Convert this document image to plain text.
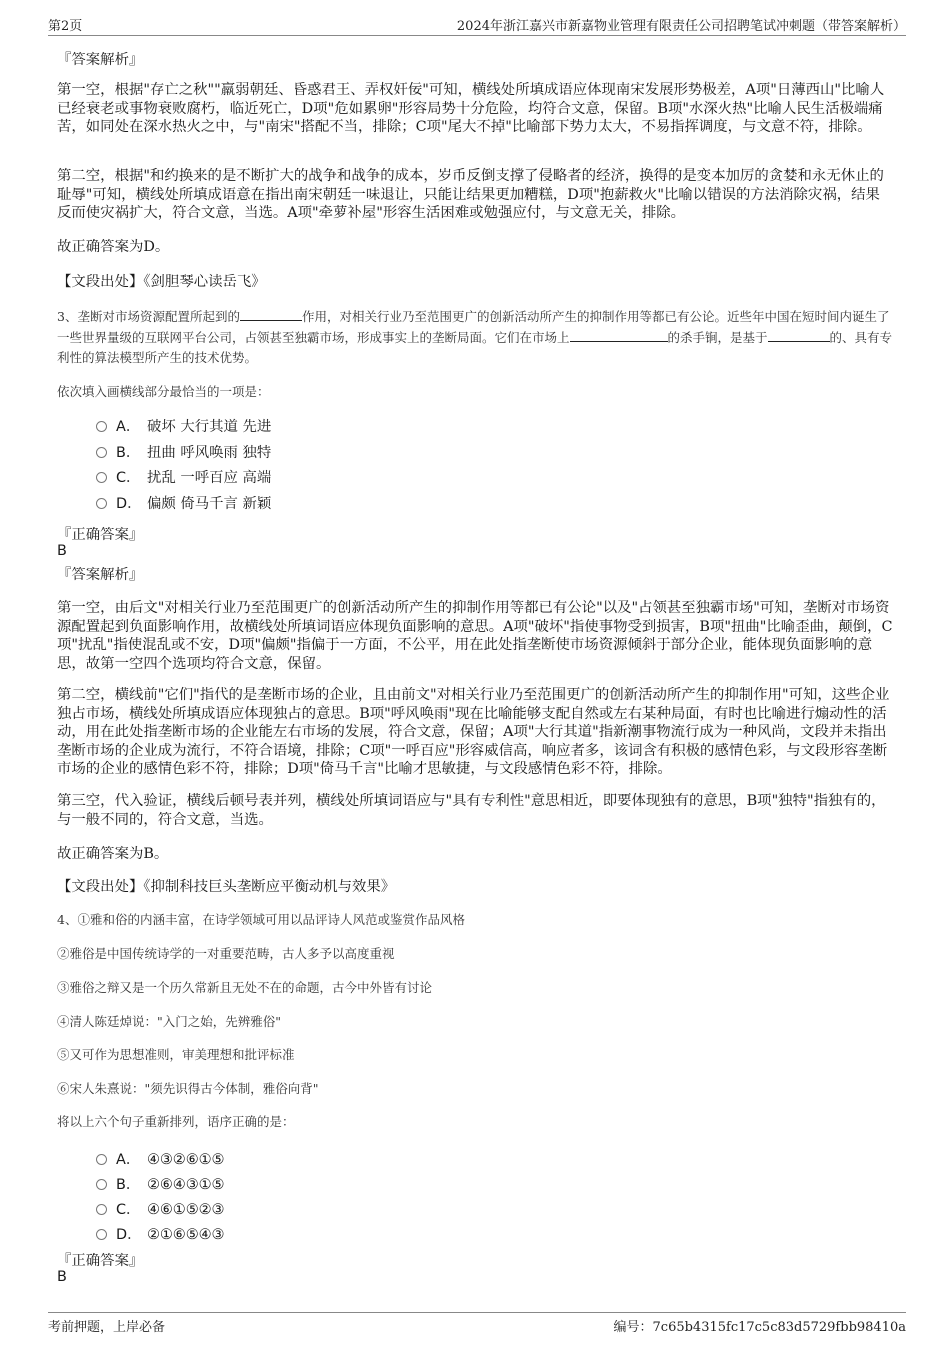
第2页	2024年浙江嘉兴市新嘉物业管理有限责任公司招聘笔试冲刺题（带答案解析）

『答案解析』

第一空，根据"存亡之秋""羸弱朝廷、昏惑君王、弄权奸佞"可知，横线处所填成语应体现南宋发展形势极差，A项"日薄西山"比喻人已经衰老或事物衰败腐朽，临近死亡，D项"危如累卵"形容局势十分危险，均符合文意，保留。B项"水深火热"比喻人民生活极端痛苦，如同处在深水热火之中，与"南宋"搭配不当，排除；C项"尾大不掉"比喻部下势力太大，不易指挥调度，与文意不符，排除。

第二空，根据"和约换来的是不断扩大的战争和战争的成本，岁币反倒支撑了侵略者的经济，换得的是变本加厉的贪婪和永无休止的耻辱"可知，横线处所填成语意在指出南宋朝廷一味退让，只能让结果更加糟糕，D项"抱薪救火"比喻以错误的方法消除灾祸，结果反而使灾祸扩大，符合文意，当选。A项"牵萝补屋"形容生活困难或勉强应付，与文意无关，排除。

故正确答案为D。

【文段出处】《剑胆琴心读岳飞》

3、垄断对市场资源配置所起到的	作用，对相关行业乃至范围更广的创新活动所产生的抑制作用等都已有公论。近些年中国在短时间内诞生了一些世界量级的互联网平台公司，占领甚至独霸市场，形成事实上的垄断局面。它们在市场上	的杀手锏，是基于	的、具有专利性的算法模型所产生的技术优势。

依次填入画横线部分最恰当的一项是：

A． 破坏 大行其道 先进
B． 扭曲 呼风唤雨 独特
C． 扰乱 一呼百应 高端
D． 偏颇 倚马千言 新颖

『正确答案』

B

『答案解析』

第一空，由后文"对相关行业乃至范围更广的创新活动所产生的抑制作用等都已有公论"以及"占领甚至独霸市场"可知，垄断对市场资源配置起到负面影响作用，故横线处所填词语应体现负面影响的意思。A项"破坏"指使事物受到损害，B项"扭曲"比喻歪曲，颠倒，C项"扰乱"指使混乱或不安，D项"偏颇"指偏于一方面，不公平，用在此处指垄断使市场资源倾斜于部分企业，能体现负面影响的意思，故第一空四个选项均符合文意，保留。

第二空，横线前"它们"指代的是垄断市场的企业，且由前文"对相关行业乃至范围更广的创新活动所产生的抑制作用"可知，这些企业独占市场，横线处所填成语应体现独占的意思。B项"呼风唤雨"现在比喻能够支配自然或左右某种局面，有时也比喻进行煽动性的活动，用在此处指垄断市场的企业能左右市场的发展，符合文意，保留；A项"大行其道"指新潮事物流行成为一种风尚，文段并未指出垄断市场的企业成为流行，不符合语境，排除；C项"一呼百应"形容威信高，响应者多，该词含有积极的感情色彩，与文段形容垄断市场的企业的感情色彩不符，排除；D项"倚马千言"比喻才思敏捷，与文段感情色彩不符，排除。

第三空，代入验证，横线后顿号表并列，横线处所填词语应与"具有专利性"意思相近，即要体现独有的意思，B项"独特"指独有的，与一般不同的，符合文意，当选。

故正确答案为B。

【文段出处】《抑制科技巨头垄断应平衡动机与效果》

4、①雅和俗的内涵丰富，在诗学领域可用以品评诗人风范或鉴赏作品风格

②雅俗是中国传统诗学的一对重要范畴，古人多予以高度重视

③雅俗之辩又是一个历久常新且无处不在的命题，古今中外皆有讨论

④清人陈廷焯说："入门之始，先辨雅俗"

⑤又可作为思想准则，审美理想和批评标准

⑥宋人朱熹说："须先识得古今体制，雅俗向背"

将以上六个句子重新排列，语序正确的是：

A． ④③②⑥①⑤
B． ②⑥④③①⑤
C． ④⑥①⑤②③
D． ②①⑥⑤④③

『正确答案』

B

考前押题，上岸必备	编号：7c65b4315fc17c5c83d5729fbb98410a
